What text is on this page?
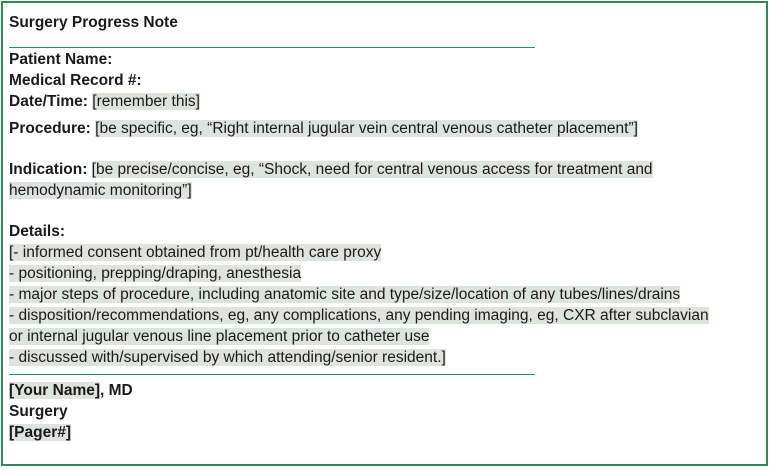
Surgery Progress Note
Patient Name:
Medical Record #:
Date/Time: [remember this]
Procedure: [be specific, eg, “Right internal jugular vein central venous catheter placement”]
Indication: [be precise/concise, eg, “Shock, need for central venous access for treatment and
hemodynamic monitoring”]
Details:
[- informed consent obtained from pt/health care proxy
- positioning, prepping/draping, anesthesia
- major steps of procedure, including anatomic site and type/size/location of any tubes/lines/drains
- disposition/recommendations, eg, any complications, any pending imaging, eg, CXR after subclavian
or internal jugular venous line placement prior to catheter use
- discussed with/supervised by which attending/senior resident.]
[Your Name], MD
Surgery
[Pager#]
